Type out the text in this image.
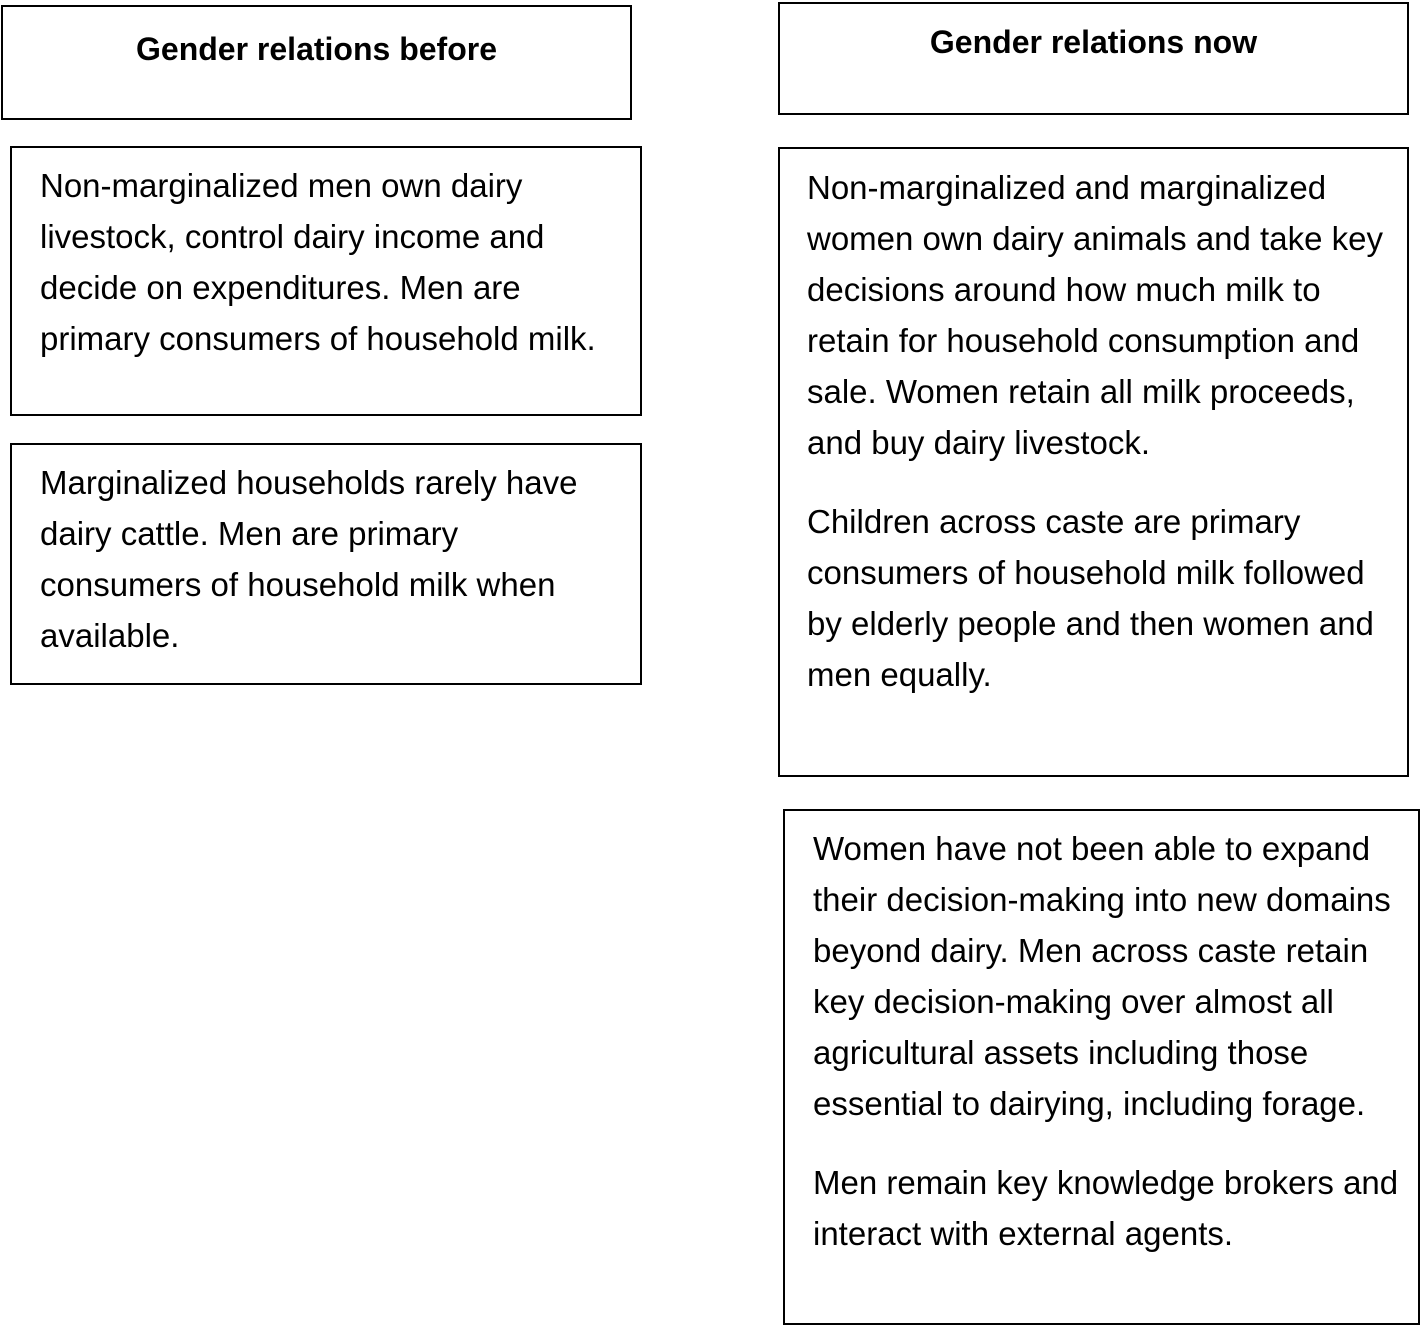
Gender relations before	Gender relations now

Non-marginalized men own dairy livestock, control dairy income and decide on expenditures. Men are primary consumers of household milk.

Marginalized households rarely have dairy cattle. Men are primary consumers of household milk when available.

Non-marginalized and marginalized women own dairy animals and take key decisions around how much milk to retain for household consumption and sale. Women retain all milk proceeds, and buy dairy livestock.

Children across caste are primary consumers of household milk followed by elderly people and then women and men equally.

Women have not been able to expand their decision-making into new domains beyond dairy. Men across caste retain key decision-making over almost all agricultural assets including those essential to dairying, including forage.

Men remain key knowledge brokers and interact with external agents.
